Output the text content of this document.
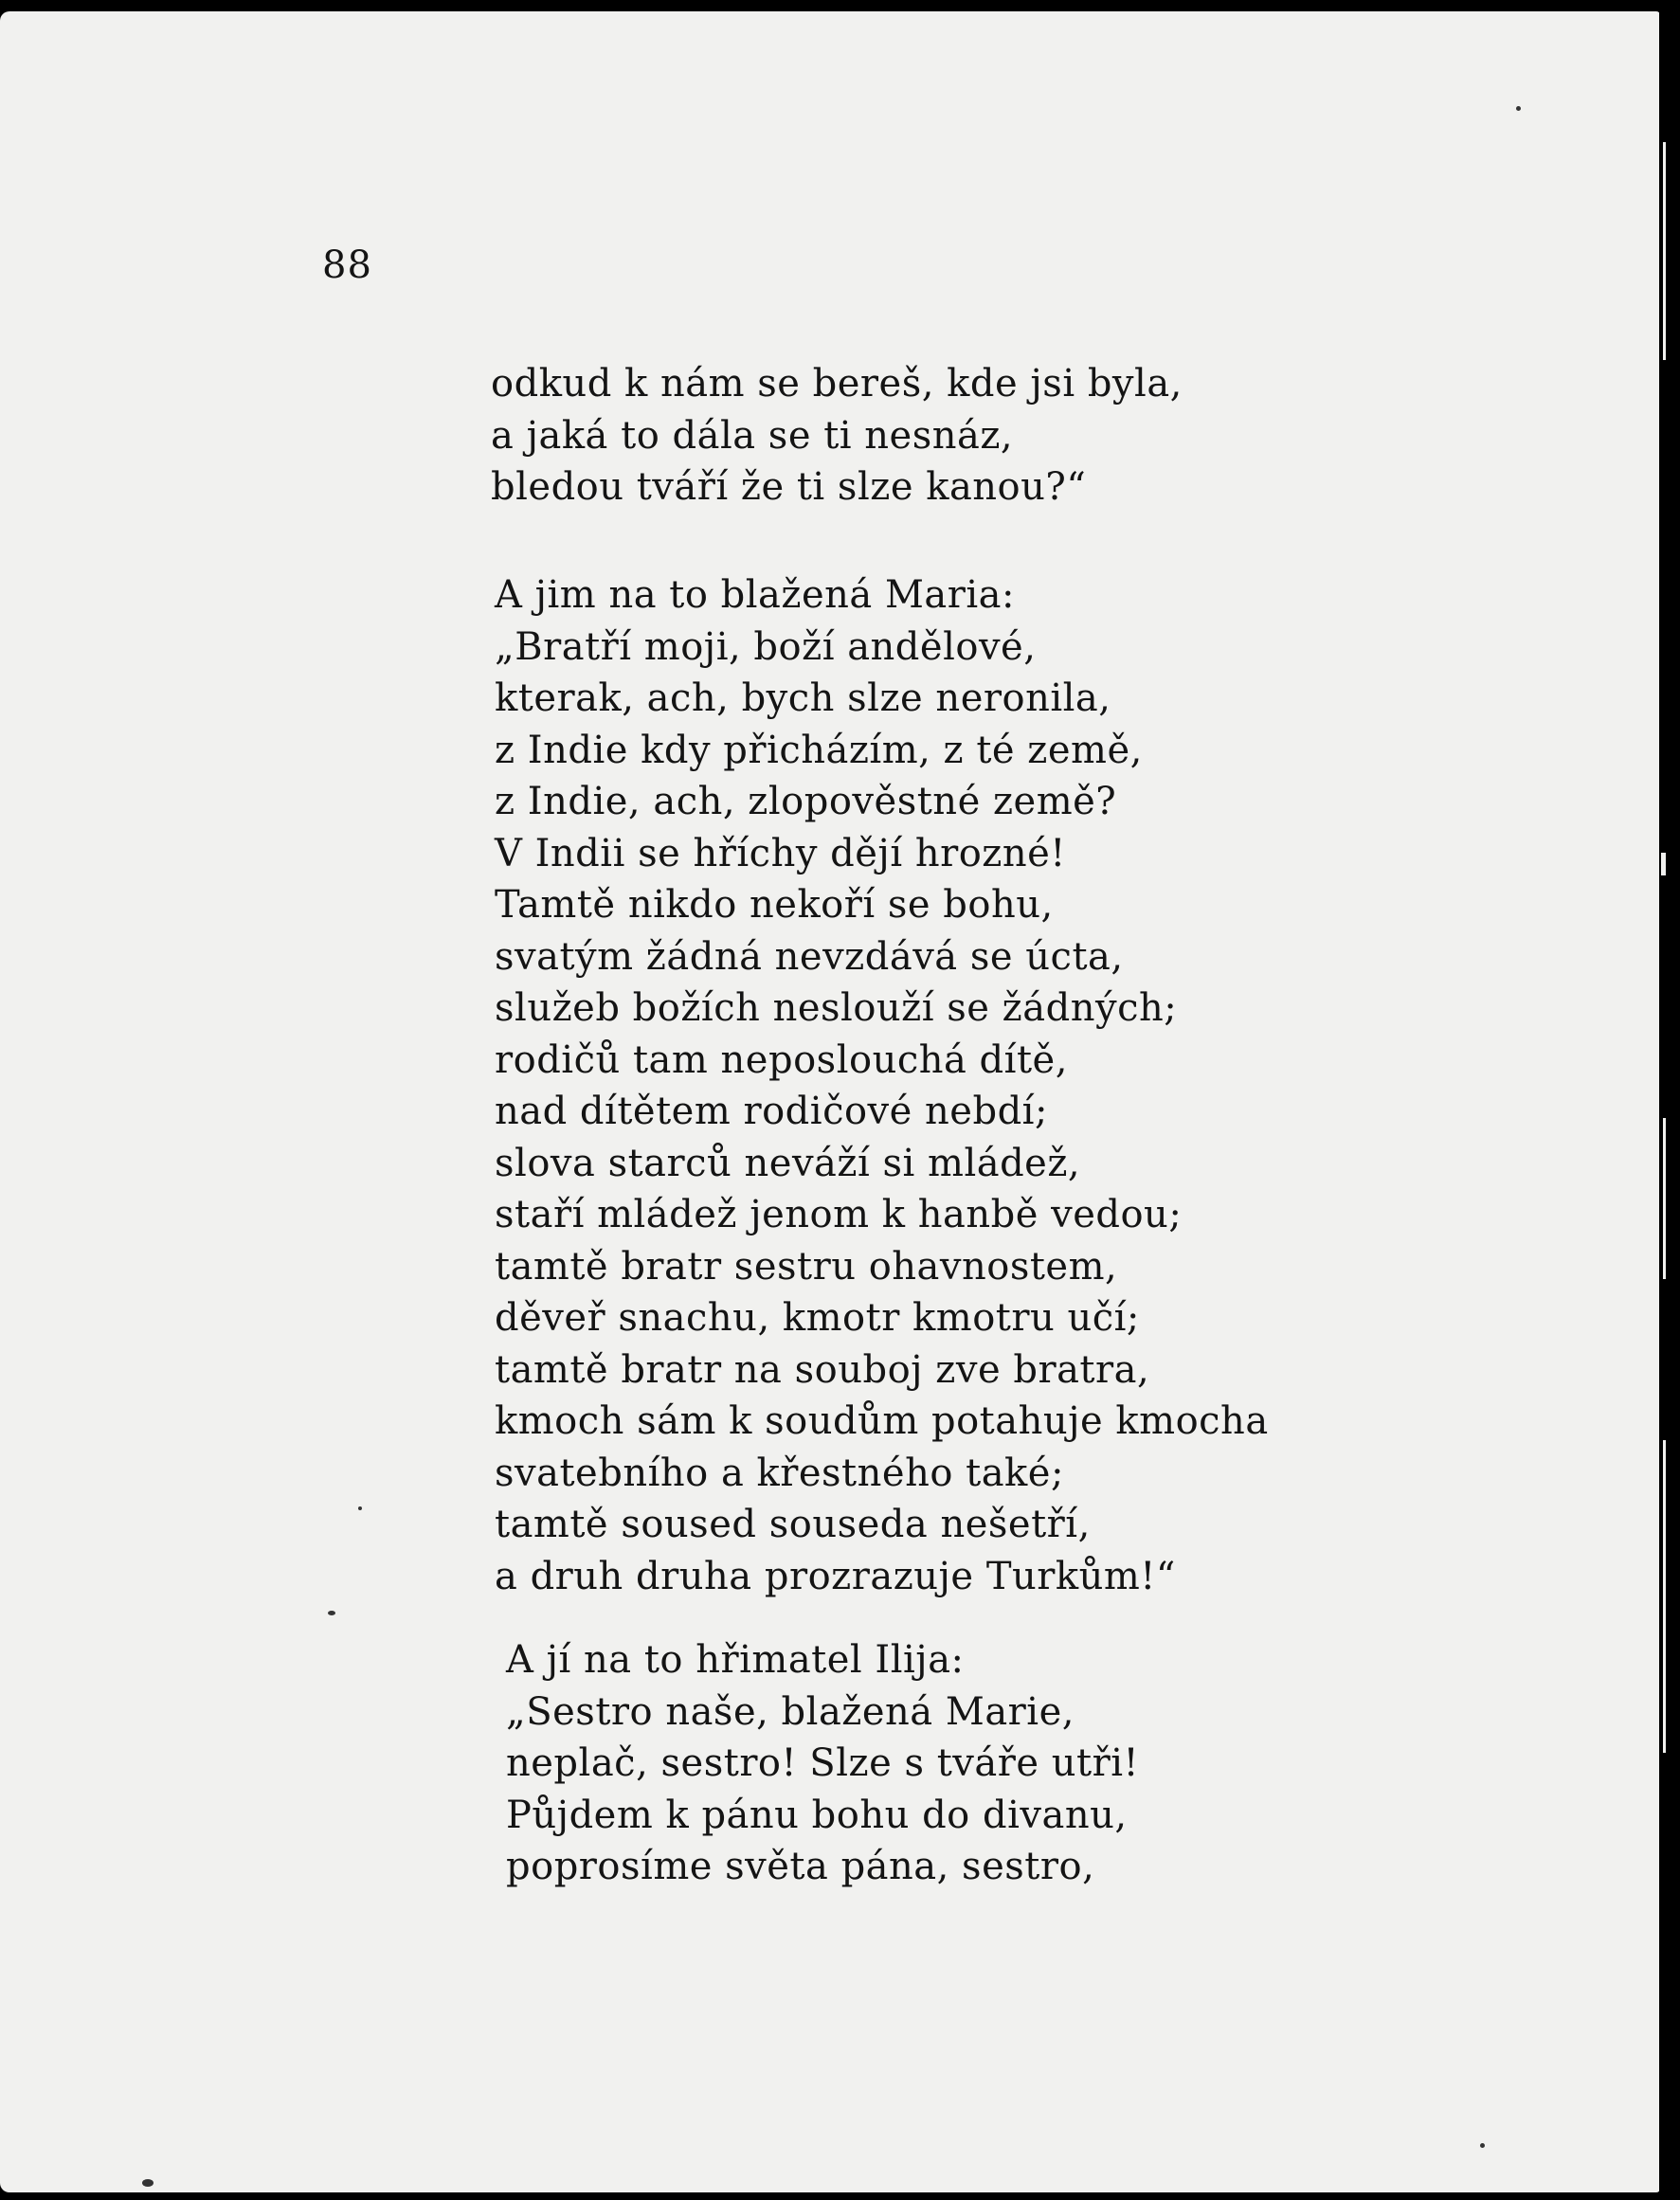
88
odkud k nám se bereš, kde jsi byla,
a jaká to dála se ti nesnáz,
bledou tváří že ti slze kanou?“
A jim na to blažená Maria:
„Bratří moji, boží andělové,
kterak, ach, bych slze neronila,
z Indie kdy přicházím, z té země,
z Indie, ach, zlopověstné země?
V Indii se hříchy dějí hrozné!
Tamtě nikdo nekoří se bohu,
svatým žádná nevzdává se úcta,
služeb božích neslouží se žádných;
rodičů tam neposlouchá dítě,
nad dítětem rodičové nebdí;
slova starců neváží si mládež,
staří mládež jenom k hanbě vedou;
tamtě bratr sestru ohavnostem,
děveř snachu, kmotr kmotru učí;
tamtě bratr na souboj zve bratra,
kmoch sám k soudům potahuje kmocha
svatebního a křestného také;
tamtě soused souseda nešetří,
a druh druha prozrazuje Turkům!“
A jí na to hřimatel Ilija:
„Sestro naše, blažená Marie,
neplač, sestro! Slze s tváře utři!
Půjdem k pánu bohu do divanu,
poprosíme světa pána, sestro,
